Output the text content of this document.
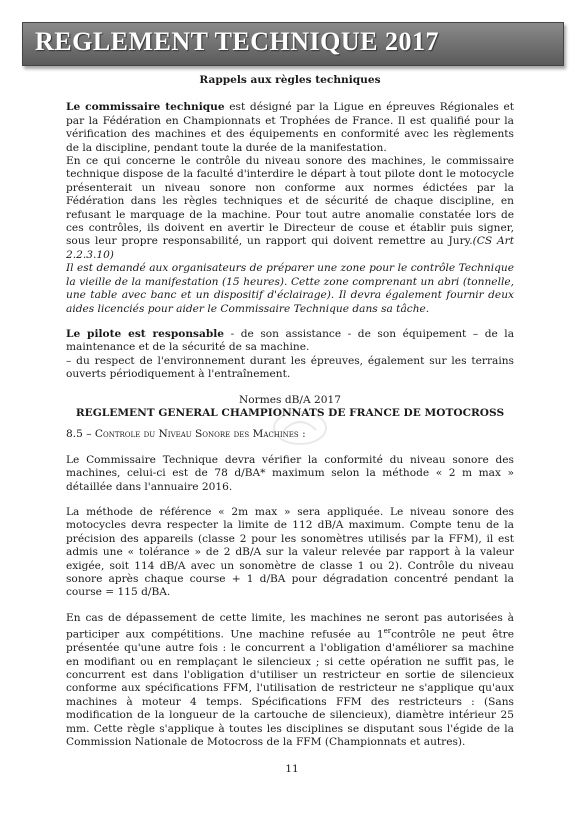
REGLEMENT TECHNIQUE 2017
Rappels aux règles techniques

Le commissaire technique est désigné par la Ligue en épreuves Régionales et par la Fédération en Championnats et Trophées de France. Il est qualifié pour la vérification des machines et des équipements en conformité avec les règlements de la discipline, pendant toute la durée de la manifestation.

En ce qui concerne le contrôle du niveau sonore des machines, le commissaire technique dispose de la faculté d'interdire le départ à tout pilote dont le motocycle présenterait un niveau sonore non conforme aux normes édictées par la Fédération dans les règles techniques et de sécurité de chaque discipline, en refusant le marquage de la machine. Pour tout autre anomalie constatée lors de ces contrôles, ils doivent en avertir le Directeur de couse et établir puis signer, sous leur propre responsabilité, un rapport qui doivent remettre au Jury.(CS Art 2.2.3.10)

Il est demandé aux organisateurs de préparer une zone pour le contrôle Technique la vieille de la manifestation (15 heures). Cette zone comprenant un abri (tonnelle, une table avec banc et un dispositif d'éclairage). Il devra également fournir deux aides licenciés pour aider le Commissaire Technique dans sa tâche.

Le pilote est responsable - de son assistance - de son équipement – de la maintenance et de la sécurité de sa machine.

– du respect de l'environnement durant les épreuves, également sur les terrains ouverts périodiquement à l'entraînement.

Normes dB/A 2017
REGLEMENT GENERAL CHAMPIONNATS DE FRANCE DE MOTOCROSS
8.5 – Controle du Niveau Sonore des Machines :

Le Commissaire Technique devra vérifier la conformité du niveau sonore des machines, celui-ci est de 78 d/BA* maximum selon la méthode « 2 m max » détaillée dans l'annuaire 2016.

La méthode de référence « 2m max » sera appliquée. Le niveau sonore des motocycles devra respecter la limite de 112 dB/A maximum. Compte tenu de la précision des appareils (classe 2 pour les sonomètres utilisés par la FFM), il est admis une « tolérance » de 2 dB/A sur la valeur relevée par rapport à la valeur exigée, soit 114 dB/A avec un sonomètre de classe 1 ou 2). Contrôle du niveau sonore après chaque course + 1 d/BA pour dégradation concentré pendant la course = 115 d/BA.

En cas de dépassement de cette limite, les machines ne seront pas autorisées à participer aux compétitions. Une machine refusée au 1ercontrôle ne peut être présentée qu'une autre fois : le concurrent a l'obligation d'améliorer sa machine en modifiant ou en remplaçant le silencieux ; si cette opération ne suffit pas, le concurrent est dans l'obligation d'utiliser un restricteur en sortie de silencieux conforme aux spécifications FFM, l'utilisation de restricteur ne s'applique qu'aux machines à moteur 4 temps. Spécifications FFM des restricteurs : (Sans modification de la longueur de la cartouche de silencieux), diamètre intérieur 25 mm. Cette règle s'applique à toutes les disciplines se disputant sous l'égide de la Commission Nationale de Motocross de la FFM (Championnats et autres).

11
